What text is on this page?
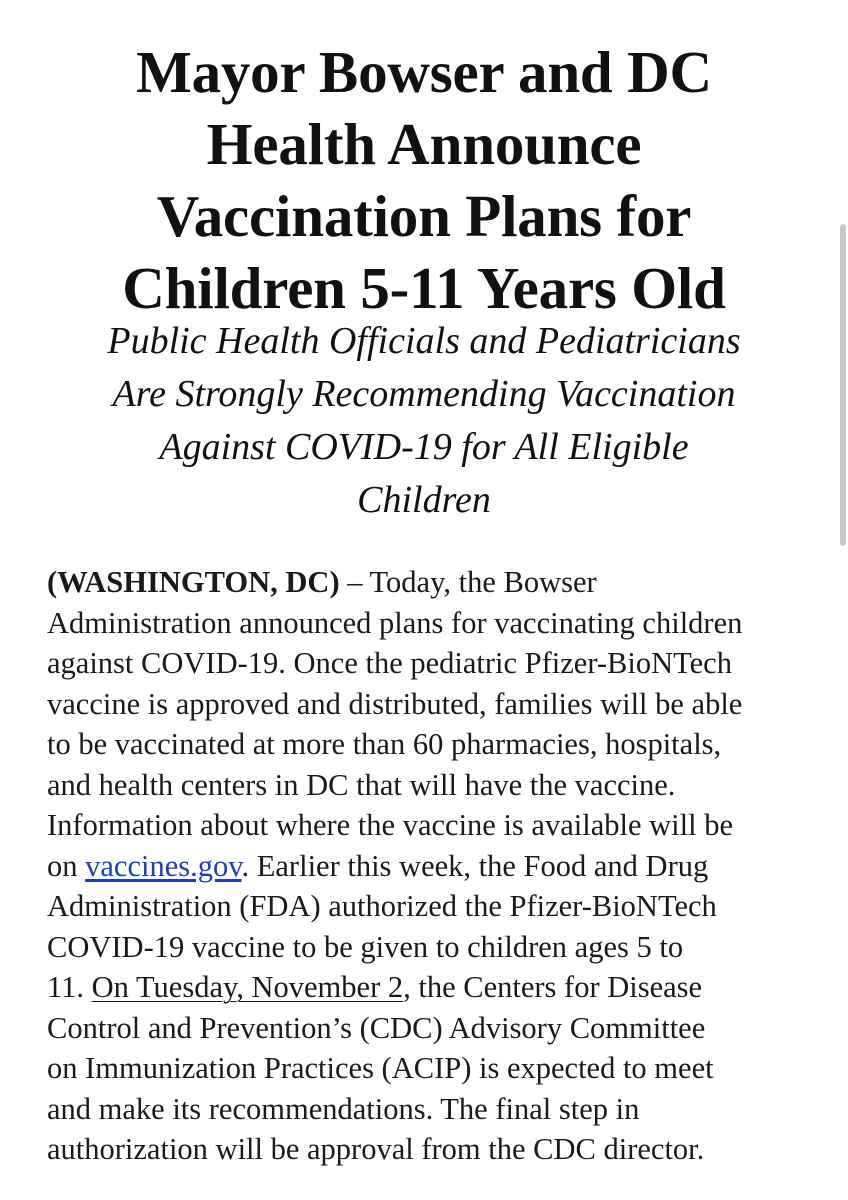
Mayor Bowser and DC
Health Announce
Vaccination Plans for
Children 5-11 Years Old

Public Health Officials and Pediatricians
Are Strongly Recommending Vaccination
Against COVID-19 for All Eligible
Children

(WASHINGTON, DC) – Today, the Bowser
Administration announced plans for vaccinating children
against COVID-19. Once the pediatric Pfizer-BioNTech
vaccine is approved and distributed, families will be able
to be vaccinated at more than 60 pharmacies, hospitals,
and health centers in DC that will have the vaccine.
Information about where the vaccine is available will be
on vaccines.gov. Earlier this week, the Food and Drug
Administration (FDA) authorized the Pfizer-BioNTech
COVID-19 vaccine to be given to children ages 5 to
11. On Tuesday, November 2, the Centers for Disease
Control and Prevention’s (CDC) Advisory Committee
on Immunization Practices (ACIP) is expected to meet
and make its recommendations. The final step in
authorization will be approval from the CDC director.
